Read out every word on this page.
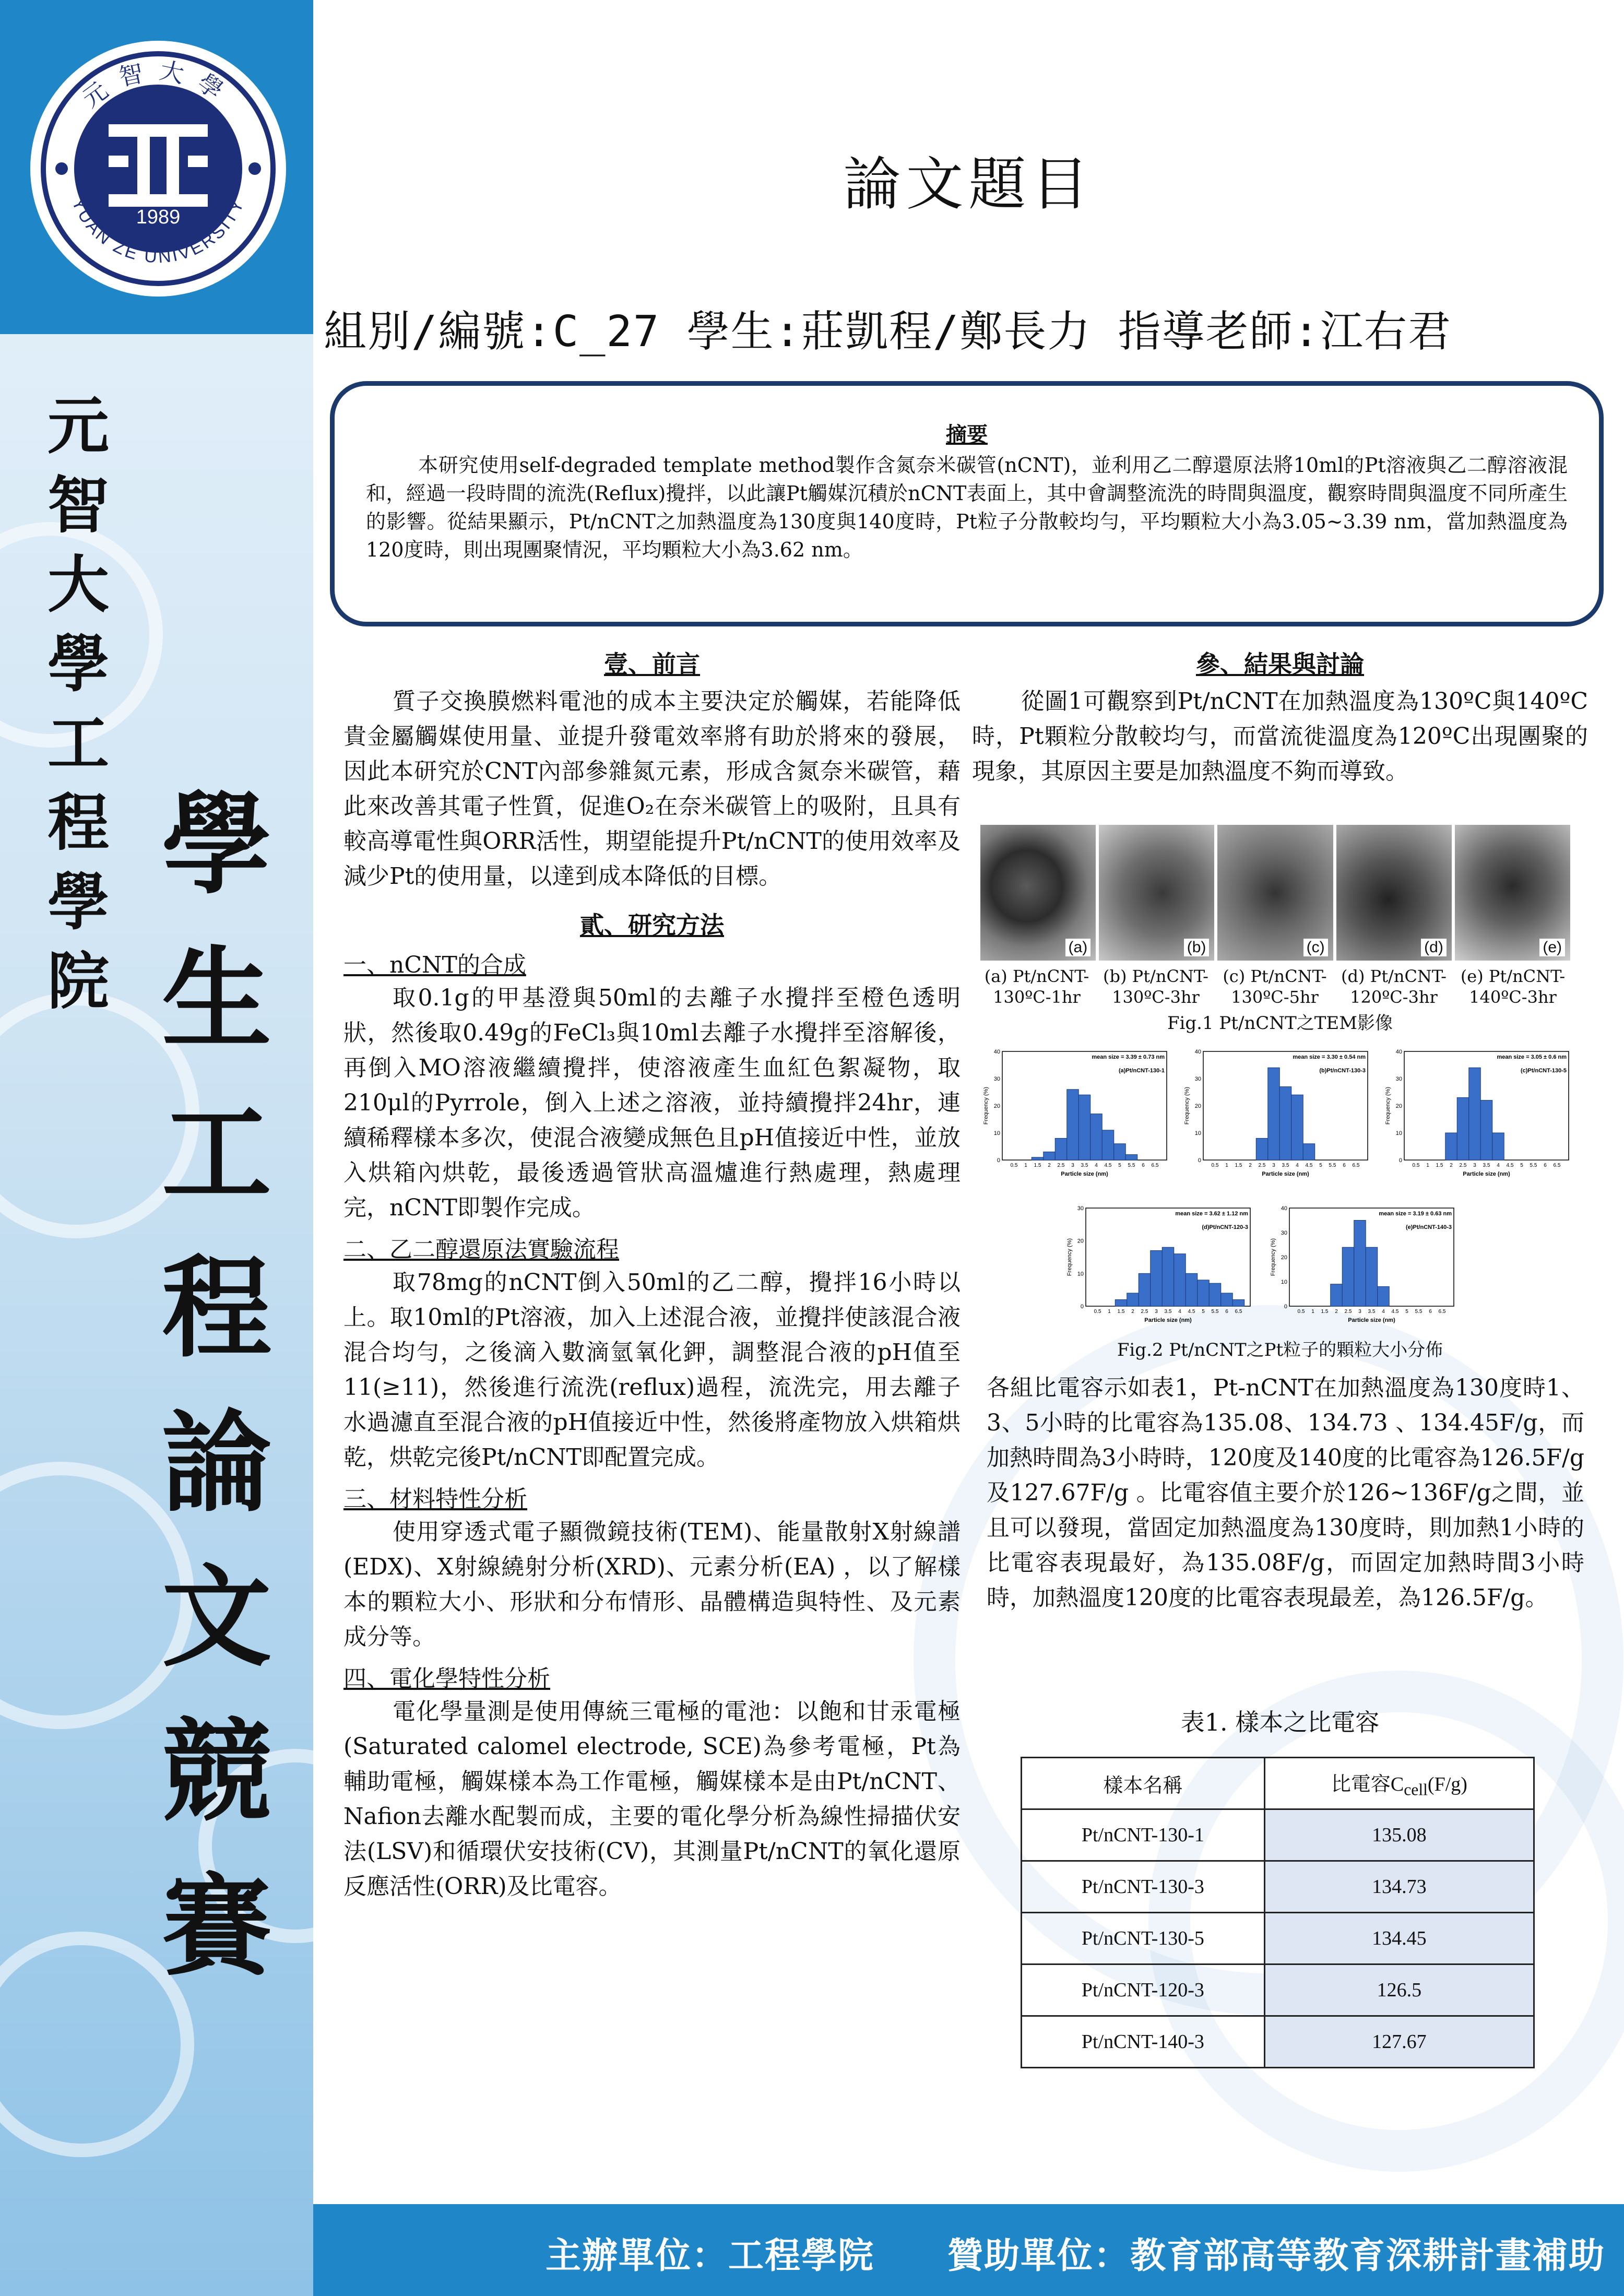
元智大學
YUAN ZE UNIVERSITY
1989
元
智
大
學
工
程
學
院
學
生
工
程
論
文
競
賽
論文題目
組別/編號:C_27 學生:莊凱程/鄭長力 指導老師:江右君
摘要
本研究使用self-degraded template method製作含氮奈米碳管(nCNT)，並利用乙二醇還原法將10ml的Pt溶液與乙二醇溶液混和，經過一段時間的流洗(Reflux)攪拌，以此讓Pt觸媒沉積於nCNT表面上，其中會調整流洗的時間與溫度，觀察時間與溫度不同所產生的影響。從結果顯示，Pt/nCNT之加熱溫度為130度與140度時，Pt粒子分散較均勻，平均顆粒大小為3.05~3.39 nm，當加熱溫度為120度時，則出現團聚情況，平均顆粒大小為3.62 nm。
壹、前言

質子交換膜燃料電池的成本主要決定於觸媒，若能降低貴金屬觸媒使用量、並提升發電效率將有助於將來的發展，因此本研究於CNT內部參雜氮元素，形成含氮奈米碳管，藉此來改善其電子性質，促進O₂在奈米碳管上的吸附，且具有較高導電性與ORR活性，期望能提升Pt/nCNT的使用效率及減少Pt的使用量，以達到成本降低的目標。

貳、研究方法
一、nCNT的合成

取0.1g的甲基澄與50ml的去離子水攪拌至橙色透明狀，然後取0.49g的FeCl₃與10ml去離子水攪拌至溶解後，再倒入MO溶液繼續攪拌，使溶液產生血紅色絮凝物，取210μl的Pyrrole，倒入上述之溶液，並持續攪拌24hr，連續稀釋樣本多次，使混合液變成無色且pH值接近中性，並放入烘箱內烘乾，最後透過管狀高溫爐進行熱處理，熱處理完，nCNT即製作完成。

二、乙二醇還原法實驗流程

取78mg的nCNT倒入50ml的乙二醇，攪拌16小時以上。取10ml的Pt溶液，加入上述混合液，並攪拌使該混合液混合均勻，之後滴入數滴氫氧化鉀，調整混合液的pH值至11(≥11)，然後進行流洗(reflux)過程，流洗完，用去離子水過濾直至混合液的pH值接近中性，然後將產物放入烘箱烘乾，烘乾完後Pt/nCNT即配置完成。

三、材料特性分析

使用穿透式電子顯微鏡技術(TEM)、能量散射X射線譜(EDX)、X射線繞射分析(XRD)、元素分析(EA) ，以了解樣本的顆粒大小、形狀和分布情形、晶體構造與特性、及元素成分等。

四、電化學特性分析

電化學量測是使用傳統三電極的電池：以飽和甘汞電極(Saturated calomel electrode, SCE)為參考電極，Pt為輔助電極，觸媒樣本為工作電極，觸媒樣本是由Pt/nCNT、Nafion去離水配製而成，主要的電化學分析為線性掃描伏安法(LSV)和循環伏安技術(CV)，其測量Pt/nCNT的氧化還原反應活性(ORR)及比電容。

參、結果與討論

從圖1可觀察到Pt/nCNT在加熱溫度為130ºC與140ºC時，Pt顆粒分散較均勻，而當流徙溫度為120ºC出現團聚的現象，其原因主要是加熱溫度不夠而導致。

(a)	(b)	(c)	(d)	(e)
(a) Pt/nCNT-130ºC-1hr
(b) Pt/nCNT-130ºC-3hr
(c) Pt/nCNT-130ºC-5hr
(d) Pt/nCNT-120ºC-3hr
(e) Pt/nCNT-140ºC-3hr
Fig.1 Pt/nCNT之TEM影像
0
10
20
30
40
0.5 1 1.5 2 2.5 3 3.5 4 4.5 5 5.5 6 6.5
Particle size (nm)
Frequency (%)
mean size = 3.39 ± 0.73 nm
(a)Pt/nCNT-130-1
0
10
20
30
40
0.5 1 1.5 2 2.5 3 3.5 4 4.5 5 5.5 6 6.5
Particle size (nm)
Frequency (%)
mean size = 3.30 ± 0.54 nm
(b)Pt/nCNT-130-3
0
10
20
30
40
0.5 1 1.5 2 2.5 3 3.5 4 4.5 5 5.5 6 6.5
Particle size (nm)
Frequency (%)
mean size = 3.05 ± 0.6 nm
(c)Pt/nCNT-130-5
0
10
20
30
0.5 1 1.5 2 2.5 3 3.5 4 4.5 5 5.5 6 6.5
Particle size (nm)
Frequency (%)
mean size = 3.62 ± 1.12 nm
(d)Pt/nCNT-120-3
0
10
20
30
40
0.5 1 1.5 2 2.5 3 3.5 4 4.5 5 5.5 6 6.5
Particle size (nm)
Frequency (%)
mean size = 3.19 ± 0.63 nm
(e)Pt/nCNT-140-3
Fig.2 Pt/nCNT之Pt粒子的顆粒大小分佈

各組比電容示如表1，Pt-nCNT在加熱溫度為130度時1、3、5小時的比電容為135.08、134.73 、134.45F/g，而加熱時間為3小時時，120度及140度的比電容為126.5F/g及127.67F/g 。比電容值主要介於126~136F/g之間，並且可以發現，當固定加熱溫度為130度時，則加熱1小時的比電容表現最好，為135.08F/g，而固定加熱時間3小時時，加熱溫度120度的比電容表現最差，為126.5F/g。

表1. 樣本之比電容
樣本名稱	比電容$C_{cell}(F/g)$
Pt/nCNT-130-1	135.08
Pt/nCNT-130-3	134.73
Pt/nCNT-130-5	134.45
Pt/nCNT-120-3	126.5
Pt/nCNT-140-3	127.67
主辦單位：工程學院　　贊助單位：教育部高等教育深耕計畫補助
